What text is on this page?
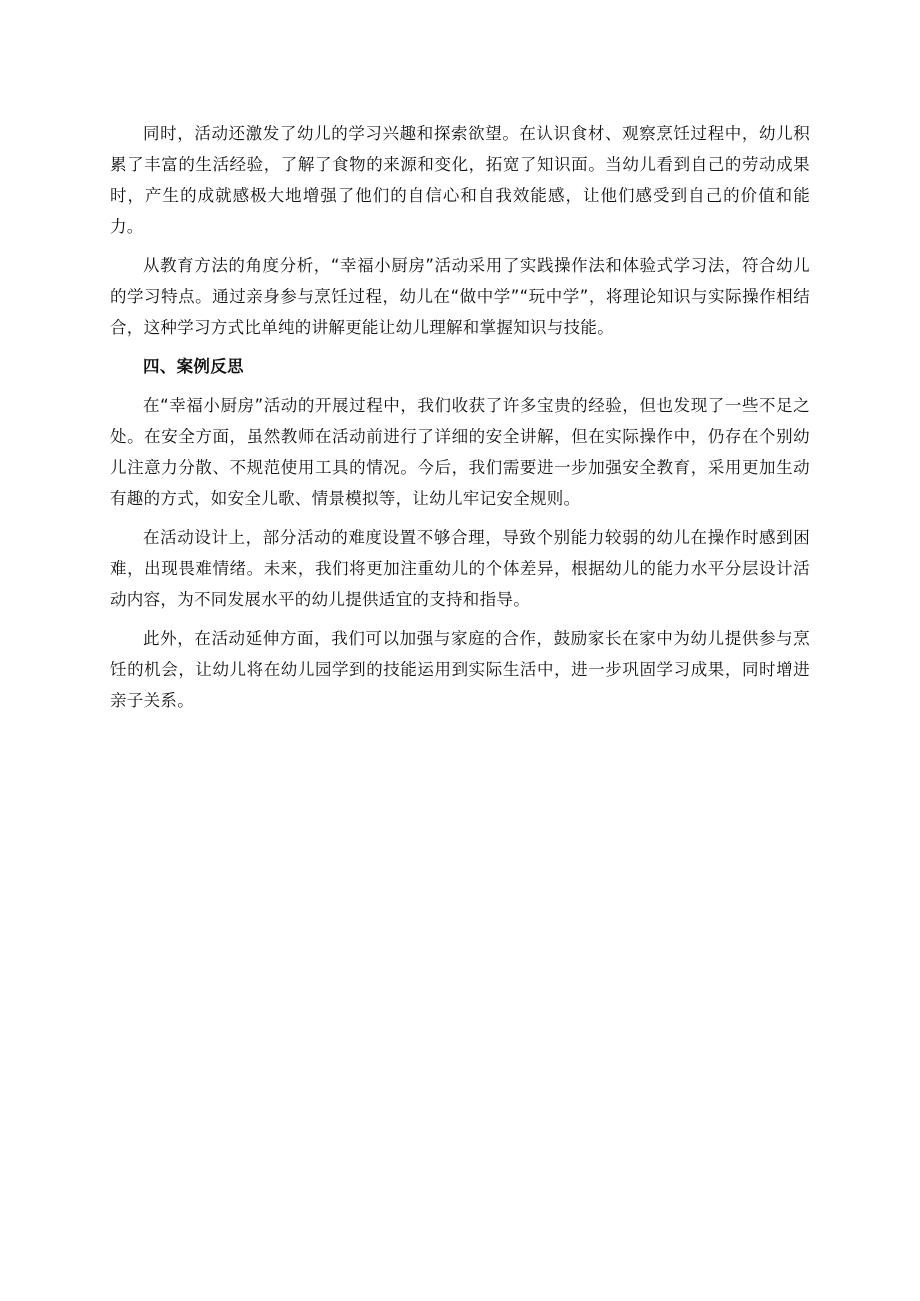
同时，活动还激发了幼儿的学习兴趣和探索欲望。在认识食材、观察烹饪过程中，幼儿积累了丰富的生活经验，了解了食物的来源和变化，拓宽了知识面。当幼儿看到自己的劳动成果时，产生的成就感极大地增强了他们的自信心和自我效能感，让他们感受到自己的价值和能力。

从教育方法的角度分析，“幸福小厨房”活动采用了实践操作法和体验式学习法，符合幼儿的学习特点。通过亲身参与烹饪过程，幼儿在“做中学”“玩中学”，将理论知识与实际操作相结合，这种学习方式比单纯的讲解更能让幼儿理解和掌握知识与技能。

四、案例反思

在“幸福小厨房”活动的开展过程中，我们收获了许多宝贵的经验，但也发现了一些不足之处。在安全方面，虽然教师在活动前进行了详细的安全讲解，但在实际操作中，仍存在个别幼儿注意力分散、不规范使用工具的情况。今后，我们需要进一步加强安全教育，采用更加生动有趣的方式，如安全儿歌、情景模拟等，让幼儿牢记安全规则。

在活动设计上，部分活动的难度设置不够合理，导致个别能力较弱的幼儿在操作时感到困难，出现畏难情绪。未来，我们将更加注重幼儿的个体差异，根据幼儿的能力水平分层设计活动内容，为不同发展水平的幼儿提供适宜的支持和指导。

此外，在活动延伸方面，我们可以加强与家庭的合作，鼓励家长在家中为幼儿提供参与烹饪的机会，让幼儿将在幼儿园学到的技能运用到实际生活中，进一步巩固学习成果，同时增进亲子关系。
